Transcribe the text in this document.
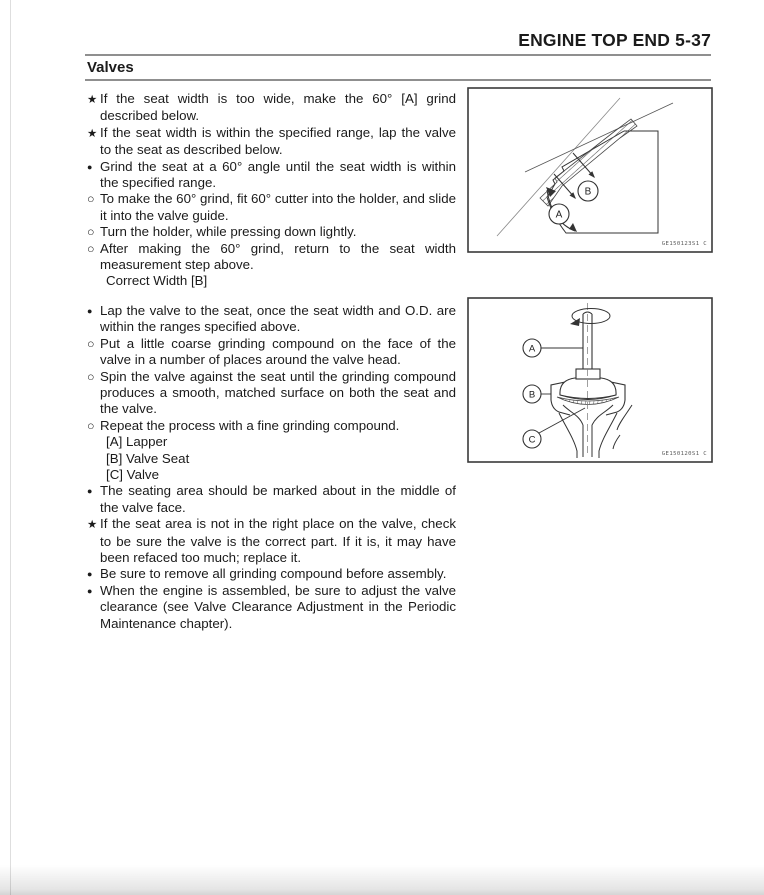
ENGINE TOP END 5-37
Valves
★ If the seat width is too wide, make the 60° [A] grind described below.
★ If the seat width is within the specified range, lap the valve to the seat as described below.
● Grind the seat at a 60° angle until the seat width is within the specified range.
○ To make the 60° grind, fit 60° cutter into the holder, and slide it into the valve guide.
○ Turn the holder, while pressing down lightly.
○ After making the 60° grind, return to the seat width measurement step above.
Correct Width [B]
● Lap the valve to the seat, once the seat width and O.D. are within the ranges specified above.
○ Put a little coarse grinding compound on the face of the valve in a number of places around the valve head.
○ Spin the valve against the seat until the grinding compound produces a smooth, matched surface on both the seat and the valve.
○ Repeat the process with a fine grinding compound.
[A] Lapper
[B] Valve Seat
[C] Valve
● The seating area should be marked about in the middle of the valve face.
★ If the seat area is not in the right place on the valve, check to be sure the valve is the correct part. If it is, it may have been refaced too much; replace it.
● Be sure to remove all grinding compound before assembly.
● When the engine is assembled, be sure to adjust the valve clearance (see Valve Clearance Adjustment in the Periodic Maintenance chapter).
A
B
GE150123S1 C
A
B
C
GE150120S1 C
